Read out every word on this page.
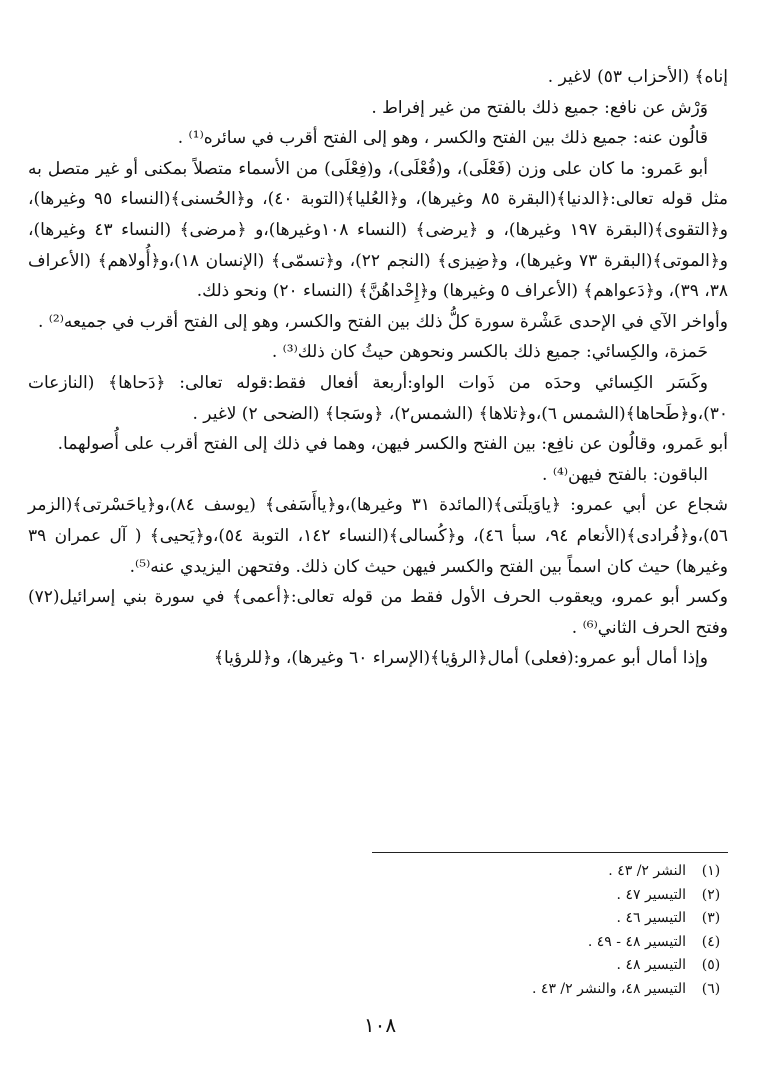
إناه﴾ (الأحزاب ٥٣) لاغير .

وَرْش عن نافع: جميع ذلك بالفتح من غير إفراط .

قالُون عنه: جميع ذلك بين الفتح والكسر ، وهو إلى الفتح أقرب في سائره⁽¹⁾ .

أبو عَمرو: ما كان على وزن (فَعْلَى)، و(فُعْلَى)، و(فِعْلَى) من الأسماء متصلاً بمكنى أو غير متصل به مثل قوله تعالى:﴿الدنيا﴾(البقرة ٨٥ وغيرها)، و﴿العُليا﴾(التوبة ٤٠)، و﴿الحُسنى﴾(النساء ٩٥ وغيرها)، و﴿التقوى﴾(البقرة ١٩٧ وغيرها)، و ﴿يرضى﴾ (النساء ١٠٨وغيرها)،و ﴿مرضى﴾ (النساء ٤٣ وغيرها)، و﴿الموتى﴾(البقرة ٧٣ وغيرها)، و﴿ضِيزى﴾ (النجم ٢٢)، و﴿تسمّى﴾ (الإنسان ١٨)،و﴿أُولاهم﴾ (الأعراف ٣٨، ٣٩)، و﴿دَعواهم﴾ (الأعراف ٥ وغيرها) و﴿إِحْداهُنَّ﴾ (النساء ٢٠) ونحو ذلك.

وأواخر الآي في الإحدى عَشْرة سورة كلُّ ذلك بين الفتح والكسر، وهو إلى الفتح أقرب في جميعه⁽²⁾ .

حَمزة، والكِسائي: جميع ذلك بالكسر ونحوهن حيثُ كان ذلك⁽³⁾ .

وكَسَر الكِسائي وحدَه من ذَوات الواو:أربعة أفعال فقط:قوله تعالى: ﴿دَحاها﴾ (النازعات ٣٠)،و﴿طَحاها﴾(الشمس ٦)،و﴿تلاها﴾ (الشمس٢)، ﴿وسَجا﴾ (الضحى ٢) لاغير .

أبو عَمرو، وقالُون عن نافِع: بين الفتح والكسر فيهن، وهما في ذلك إلى الفتح أقرب على أُصولهما.

الباقون: بالفتح فيهن⁽⁴⁾ .

شجاع عن أبي عمرو: ﴿ياوَيلَتى﴾(المائدة ٣١ وغيرها)،و﴿ياأَسَفى﴾ (يوسف ٨٤)،و﴿ياحَسْرتى﴾(الزمر ٥٦)،و﴿فُرادى﴾(الأنعام ٩٤، سبأ ٤٦)، و﴿كُسالى﴾(النساء ١٤٢، التوبة ٥٤)،و﴿يَحيى﴾ ( آل عمران ٣٩ وغيرها) حيث كان اسماً بين الفتح والكسر فيهن حيث كان ذلك. وفتحهن اليزيدي عنه⁽⁵⁾.

وكسر أبو عمرو، ويعقوب الحرف الأول فقط من قوله تعالى:﴿أعمى﴾ في سورة بني إسرائيل(٧٢) وفتح الحرف الثاني⁽⁶⁾ .

وإذا أمال أبو عمرو:(فعلى) أمال﴿الرؤيا﴾(الإسراء ٦٠ وغيرها)، و﴿للرؤيا﴾

(١)
النشر ٢/ ٤٣ .
(٢)
التيسير ٤٧ .
(٣)
التيسير ٤٦ .
(٤)
التيسير ٤٨ - ٤٩ .
(٥)
التيسير ٤٨ .
(٦)
التيسير ٤٨، والنشر ٢/ ٤٣ .
١٠٨
